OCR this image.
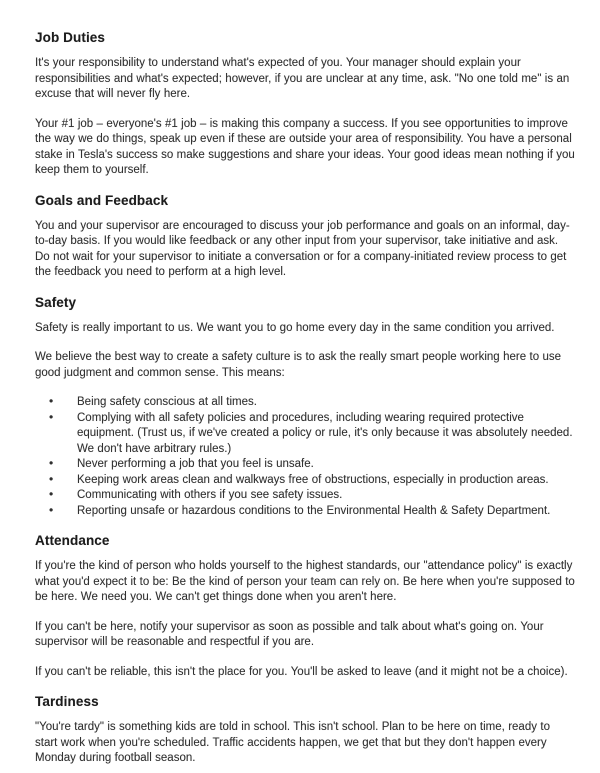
Job Duties

It's your responsibility to understand what's expected of you. Your manager should explain your responsibilities and what's expected; however, if you are unclear at any time, ask. "No one told me" is an excuse that will never fly here.

Your #1 job – everyone's #1 job – is making this company a success. If you see opportunities to improve the way we do things, speak up even if these are outside your area of responsibility. You have a personal stake in Tesla's success so make suggestions and share your ideas. Your good ideas mean nothing if you keep them to yourself.

Goals and Feedback

You and your supervisor are encouraged to discuss your job performance and goals on an informal, day-to-day basis. If you would like feedback or any other input from your supervisor, take initiative and ask. Do not wait for your supervisor to initiate a conversation or for a company-initiated review process to get the feedback you need to perform at a high level.

Safety

Safety is really important to us. We want you to go home every day in the same condition you arrived.

We believe the best way to create a safety culture is to ask the really smart people working here to use good judgment and common sense. This means:

• Being safety conscious at all times.
• Complying with all safety policies and procedures, including wearing required protective equipment. (Trust us, if we've created a policy or rule, it's only because it was absolutely needed. We don't have arbitrary rules.)
• Never performing a job that you feel is unsafe.
• Keeping work areas clean and walkways free of obstructions, especially in production areas.
• Communicating with others if you see safety issues.
• Reporting unsafe or hazardous conditions to the Environmental Health & Safety Department.
Attendance

If you're the kind of person who holds yourself to the highest standards, our "attendance policy" is exactly what you'd expect it to be: Be the kind of person your team can rely on. Be here when you're supposed to be here. We need you. We can't get things done when you aren't here.

If you can't be here, notify your supervisor as soon as possible and talk about what's going on. Your supervisor will be reasonable and respectful if you are.

If you can't be reliable, this isn't the place for you. You'll be asked to leave (and it might not be a choice).

Tardiness

"You're tardy" is something kids are told in school. This isn't school. Plan to be here on time, ready to start work when you're scheduled. Traffic accidents happen, we get that but they don't happen every Monday during football season.
